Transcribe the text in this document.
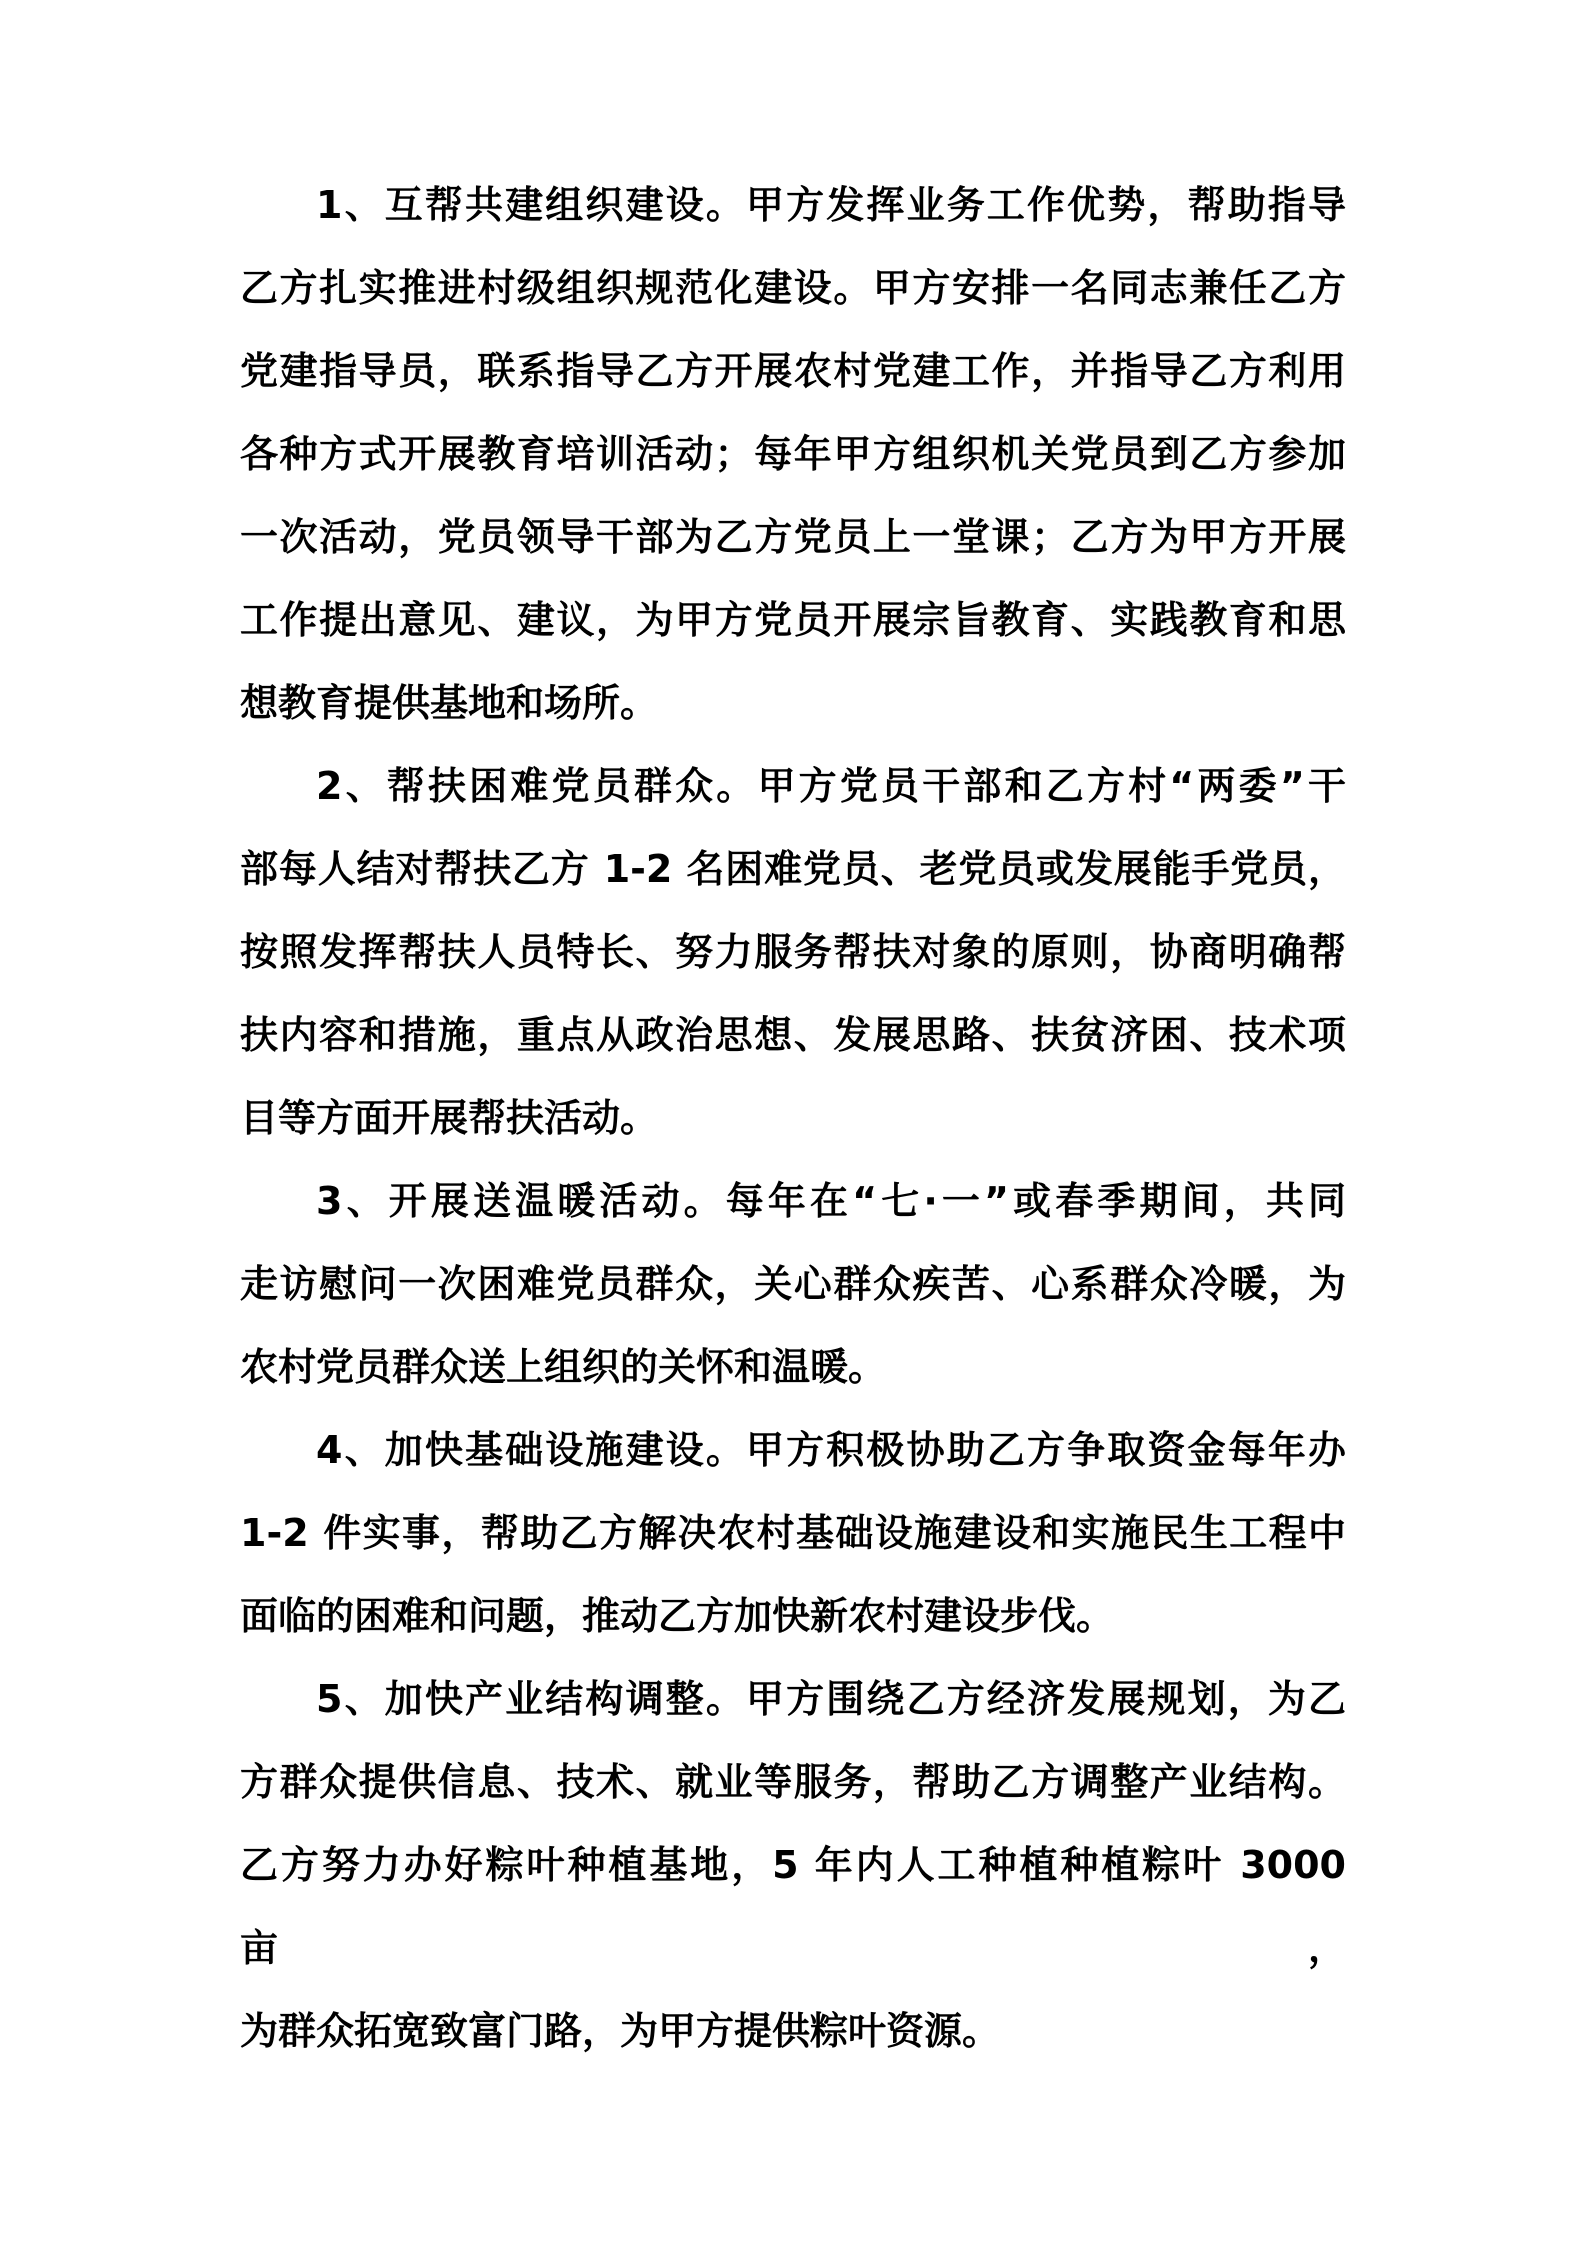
1、互帮共建组织建设。甲方发挥业务工作优势，帮助指导
乙方扎实推进村级组织规范化建设。甲方安排一名同志兼任乙方
党建指导员，联系指导乙方开展农村党建工作，并指导乙方利用
各种方式开展教育培训活动；每年甲方组织机关党员到乙方参加
一次活动，党员领导干部为乙方党员上一堂课；乙方为甲方开展
工作提出意见、建议，为甲方党员开展宗旨教育、实践教育和思
想教育提供基地和场所。
2、帮扶困难党员群众。甲方党员干部和乙方村“两委”干
部每人结对帮扶乙方 1-2 名困难党员、老党员或发展能手党员，
按照发挥帮扶人员特长、努力服务帮扶对象的原则，协商明确帮
扶内容和措施，重点从政治思想、发展思路、扶贫济困、技术项
目等方面开展帮扶活动。
3、开展送温暖活动。每年在“七·一”或春季期间，共同
走访慰问一次困难党员群众，关心群众疾苦、心系群众冷暖，为
农村党员群众送上组织的关怀和温暖。
4、加快基础设施建设。甲方积极协助乙方争取资金每年办
1-2 件实事，帮助乙方解决农村基础设施建设和实施民生工程中
面临的困难和问题，推动乙方加快新农村建设步伐。
5、加快产业结构调整。甲方围绕乙方经济发展规划，为乙
方群众提供信息、技术、就业等服务，帮助乙方调整产业结构。
乙方努力办好粽叶种植基地，5 年内人工种植种植粽叶 3000 亩，
为群众拓宽致富门路，为甲方提供粽叶资源。
